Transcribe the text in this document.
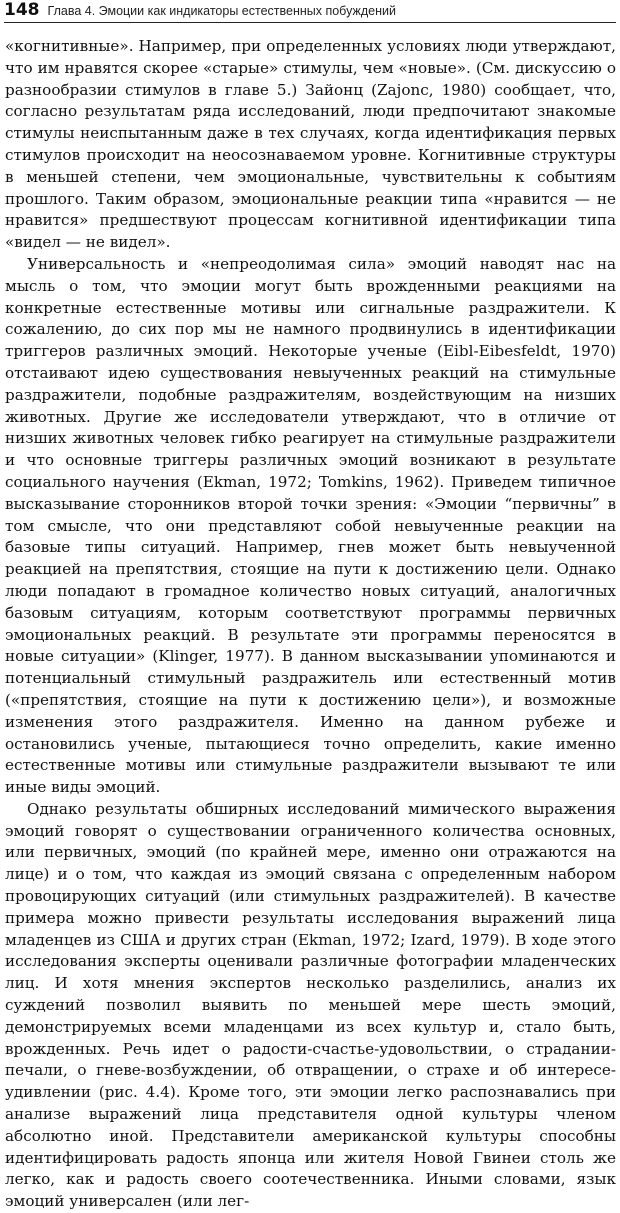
148 Глава 4. Эмоции как индикаторы естественных побуждений

«когнитивные». Например, при определенных условиях люди утверждают, что им нравятся скорее «старые» стимулы, чем «новые». (См. дискуссию о разнообразии стимулов в главе 5.) Зайонц (Zajonc, 1980) сообщает, что, согласно результатам ряда исследований, люди предпочитают знакомые стимулы неиспытанным даже в тех случаях, когда идентификация первых стимулов происходит на неосознаваемом уровне. Когнитивные структуры в меньшей степени, чем эмоциональные, чувствительны к событиям прошлого. Таким образом, эмоциональные реакции типа «нравится — не нравится» предшествуют процессам когнитивной идентификации типа «видел — не видел».

Универсальность и «непреодолимая сила» эмоций наводят нас на мысль о том, что эмоции могут быть врожденными реакциями на конкретные естественные мотивы или сигнальные раздражители. К сожалению, до сих пор мы не намного продвинулись в идентификации триггеров различных эмоций. Некоторые ученые (Eibl-Eibesfeldt, 1970) отстаивают идею существования невыученных реакций на стимульные раздражители, подобные раздражителям, воздействующим на низших животных. Другие же исследователи утверждают, что в отличие от низших животных человек гибко реагирует на стимульные раздражители и что основные триггеры различных эмоций возникают в результате социального научения (Ekman, 1972; Tomkins, 1962). Приведем типичное высказывание сторонников второй точки зрения: «Эмоции “первичны” в том смысле, что они представляют собой невыученные реакции на базовые типы ситуаций. Например, гнев может быть невыученной реакцией на препятствия, стоящие на пути к достижению цели. Однако люди попадают в громадное количество новых ситуаций, аналогичных базовым ситуациям, которым соответствуют программы первичных эмоциональных реакций. В результате эти программы переносятся в новые ситуации» (Klinger, 1977). В данном высказывании упоминаются и потенциальный стимульный раздражитель или естественный мотив («препятствия, стоящие на пути к достижению цели»), и возможные изменения этого раздражителя. Именно на данном рубеже и остановились ученые, пытающиеся точно определить, какие именно естественные мотивы или стимульные раздражители вызывают те или иные виды эмоций.

Однако результаты обширных исследований мимического выражения эмоций говорят о существовании ограниченного количества основных, или первичных, эмоций (по крайней мере, именно они отражаются на лице) и о том, что каждая из эмоций связана с определенным набором провоцирующих ситуаций (или стимульных раздражителей). В качестве примера можно привести результаты исследования выражений лица младенцев из США и других стран (Ekman, 1972; Izard, 1979). В ходе этого исследования эксперты оценивали различные фотографии младенческих лиц. И хотя мнения экспертов несколько разделились, анализ их суждений позволил выявить по меньшей мере шесть эмоций, демонстрируемых всеми младенцами из всех культур и, стало быть, врожденных. Речь идет о радости-счастье-удовольствии, о страдании-печали, о гневе-возбуждении, об отвращении, о страхе и об интересе-удивлении (рис. 4.4). Кроме того, эти эмоции легко распознавались при анализе выражений лица представителя одной культуры членом абсолютно иной. Представители американской культуры способны идентифицировать радость японца или жителя Новой Гвинеи столь же легко, как и радость своего соотечественника. Иными словами, язык эмоций универсален (или лег-
